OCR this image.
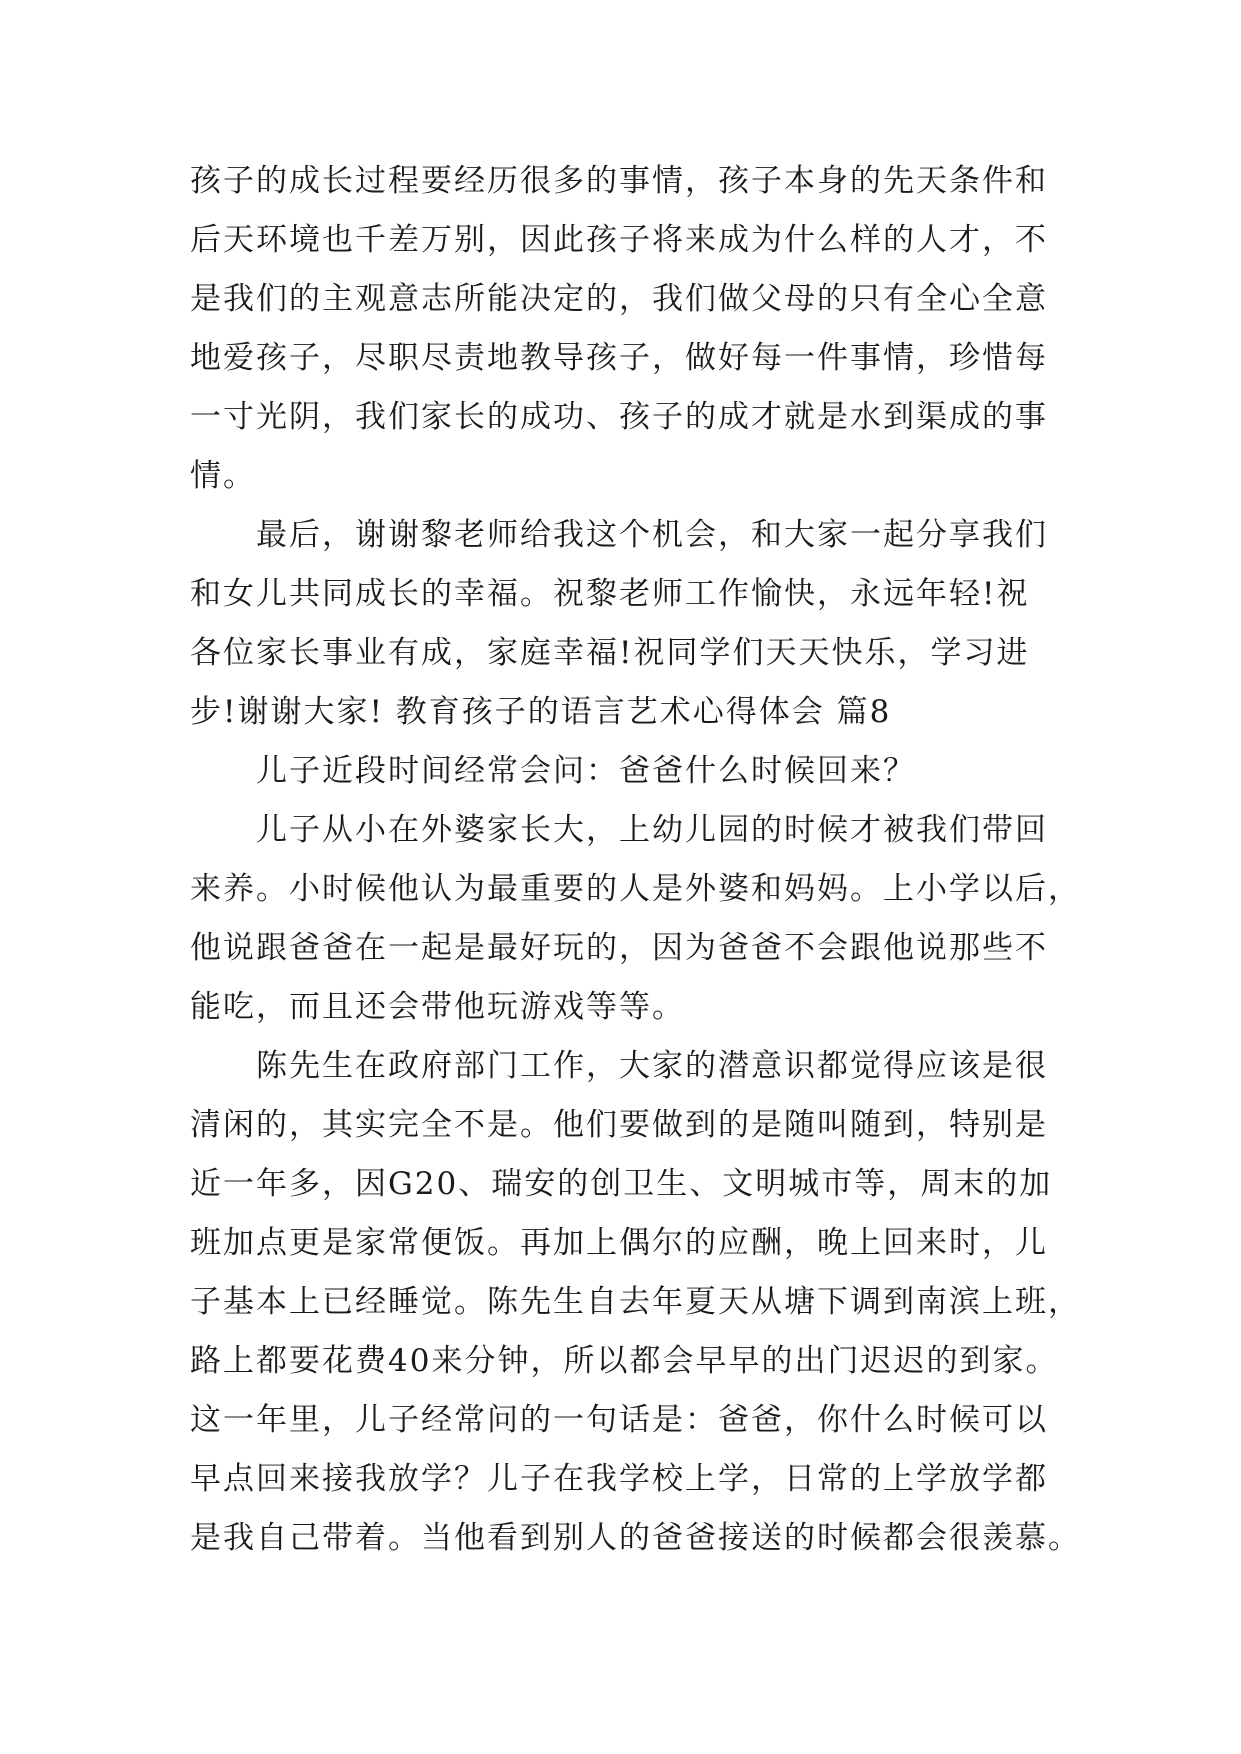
孩子的成长过程要经历很多的事情，孩子本身的先天条件和
后天环境也千差万别，因此孩子将来成为什么样的人才，不
是我们的主观意志所能决定的，我们做父母的只有全心全意
地爱孩子，尽职尽责地教导孩子，做好每一件事情，珍惜每
一寸光阴，我们家长的成功、孩子的成才就是水到渠成的事
情。
最后，谢谢黎老师给我这个机会，和大家一起分享我们
和女儿共同成长的幸福。祝黎老师工作愉快，永远年轻!祝
各位家长事业有成，家庭幸福!祝同学们天天快乐，学习进
步!谢谢大家! 教育孩子的语言艺术心得体会 篇8
儿子近段时间经常会问：爸爸什么时候回来？
儿子从小在外婆家长大，上幼儿园的时候才被我们带回
来养。小时候他认为最重要的人是外婆和妈妈。上小学以后，
他说跟爸爸在一起是最好玩的，因为爸爸不会跟他说那些不
能吃，而且还会带他玩游戏等等。
陈先生在政府部门工作，大家的潜意识都觉得应该是很
清闲的，其实完全不是。他们要做到的是随叫随到，特别是
近一年多，因G20、瑞安的创卫生、文明城市等，周末的加
班加点更是家常便饭。再加上偶尔的应酬，晚上回来时，儿
子基本上已经睡觉。陈先生自去年夏天从塘下调到南滨上班，
路上都要花费40来分钟，所以都会早早的出门迟迟的到家。
这一年里，儿子经常问的一句话是：爸爸，你什么时候可以
早点回来接我放学？儿子在我学校上学，日常的上学放学都
是我自己带着。当他看到别人的爸爸接送的时候都会很羡慕。
